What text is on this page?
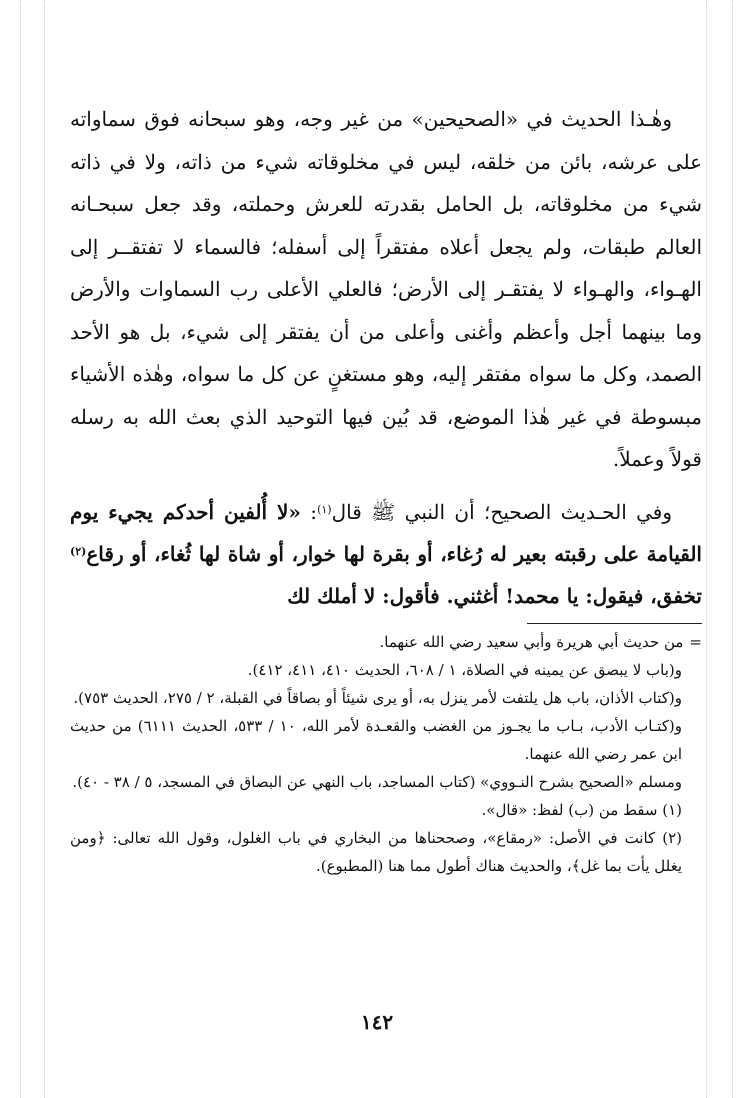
وهٰـذا الحديث في «الصحيحين» من غير وجه، وهو سبحانه فوق سماواته على عرشه، بائن من خلقه، ليس في مخلوقاته شيء من ذاته، ولا في ذاته شيء من مخلوقاته، بل الحامل بقدرته للعرش وحملته، وقد جعل سبحـانه العالم طبقات، ولم يجعل أعلاه مفتقراً إلى أسفله؛ فالسماء لا تفتقــر إلى الهـواء، والهـواء لا يفتقـر إلى الأرض؛ فالعلي الأعلى رب السماوات والأرض وما بينهما أجل وأعظم وأغنى وأعلى من أن يفتقر إلى شيء، بل هو الأحد الصمد، وكل ما سواه مفتقر إليه، وهو مستغنٍ عن كل ما سواه، وهٰذه الأشياء مبسوطة في غير هٰذا الموضع، قد بُين فيها التوحيد الذي بعث الله به رسله قولاً وعملاً.

وفي الحـديث الصحيح؛ أن النبي ﷺ قال$^{(١)}$: «لا أُلفين أحدكم يجيء يوم القيامة على رقبته بعير له رُغاء، أو بقرة لها خوار، أو شاة لها ثُغاء، أو رقاع$^{(٢)}$ تخفق، فيقول: يا محمد! أغثني. فأقول: لا أملك لك

=من حديث أبي هريرة وأبي سعيد رضي الله عنهما.

و(باب لا يبصق عن يمينه في الصلاة، ١ / ٦٠٨، الحديث ٤١٠، ٤١١، ٤١٢).

و(كتاب الأذان، باب هل يلتفت لأمر ينزل به، أو يرى شيئاً أو بصاقاً في القبلة، ٢ / ٢٧٥، الحديث ٧٥٣).

و(كتـاب الأدب، بـاب ما يجـوز من الغضب والقعـدة لأمر الله، ١٠ / ٥٣٣، الحديث ٦١١١) من حديث ابن عمر رضي الله عنهما.

ومسلم «الصحيح بشرح النـووي» (كتاب المساجد، باب النهي عن البصاق في المسجد، ٥ / ٣٨ - ٤٠).

(١) سقط من (ب) لفظ: «قال».

(٢) كانت في الأصل: «رمقاع»، وصححناها من البخاري في باب الغلول، وقول الله تعالى: ﴿ومن يغلل يأت بما غل﴾، والحديث هناك أطول مما هنا (المطبوع).

١٤٢
